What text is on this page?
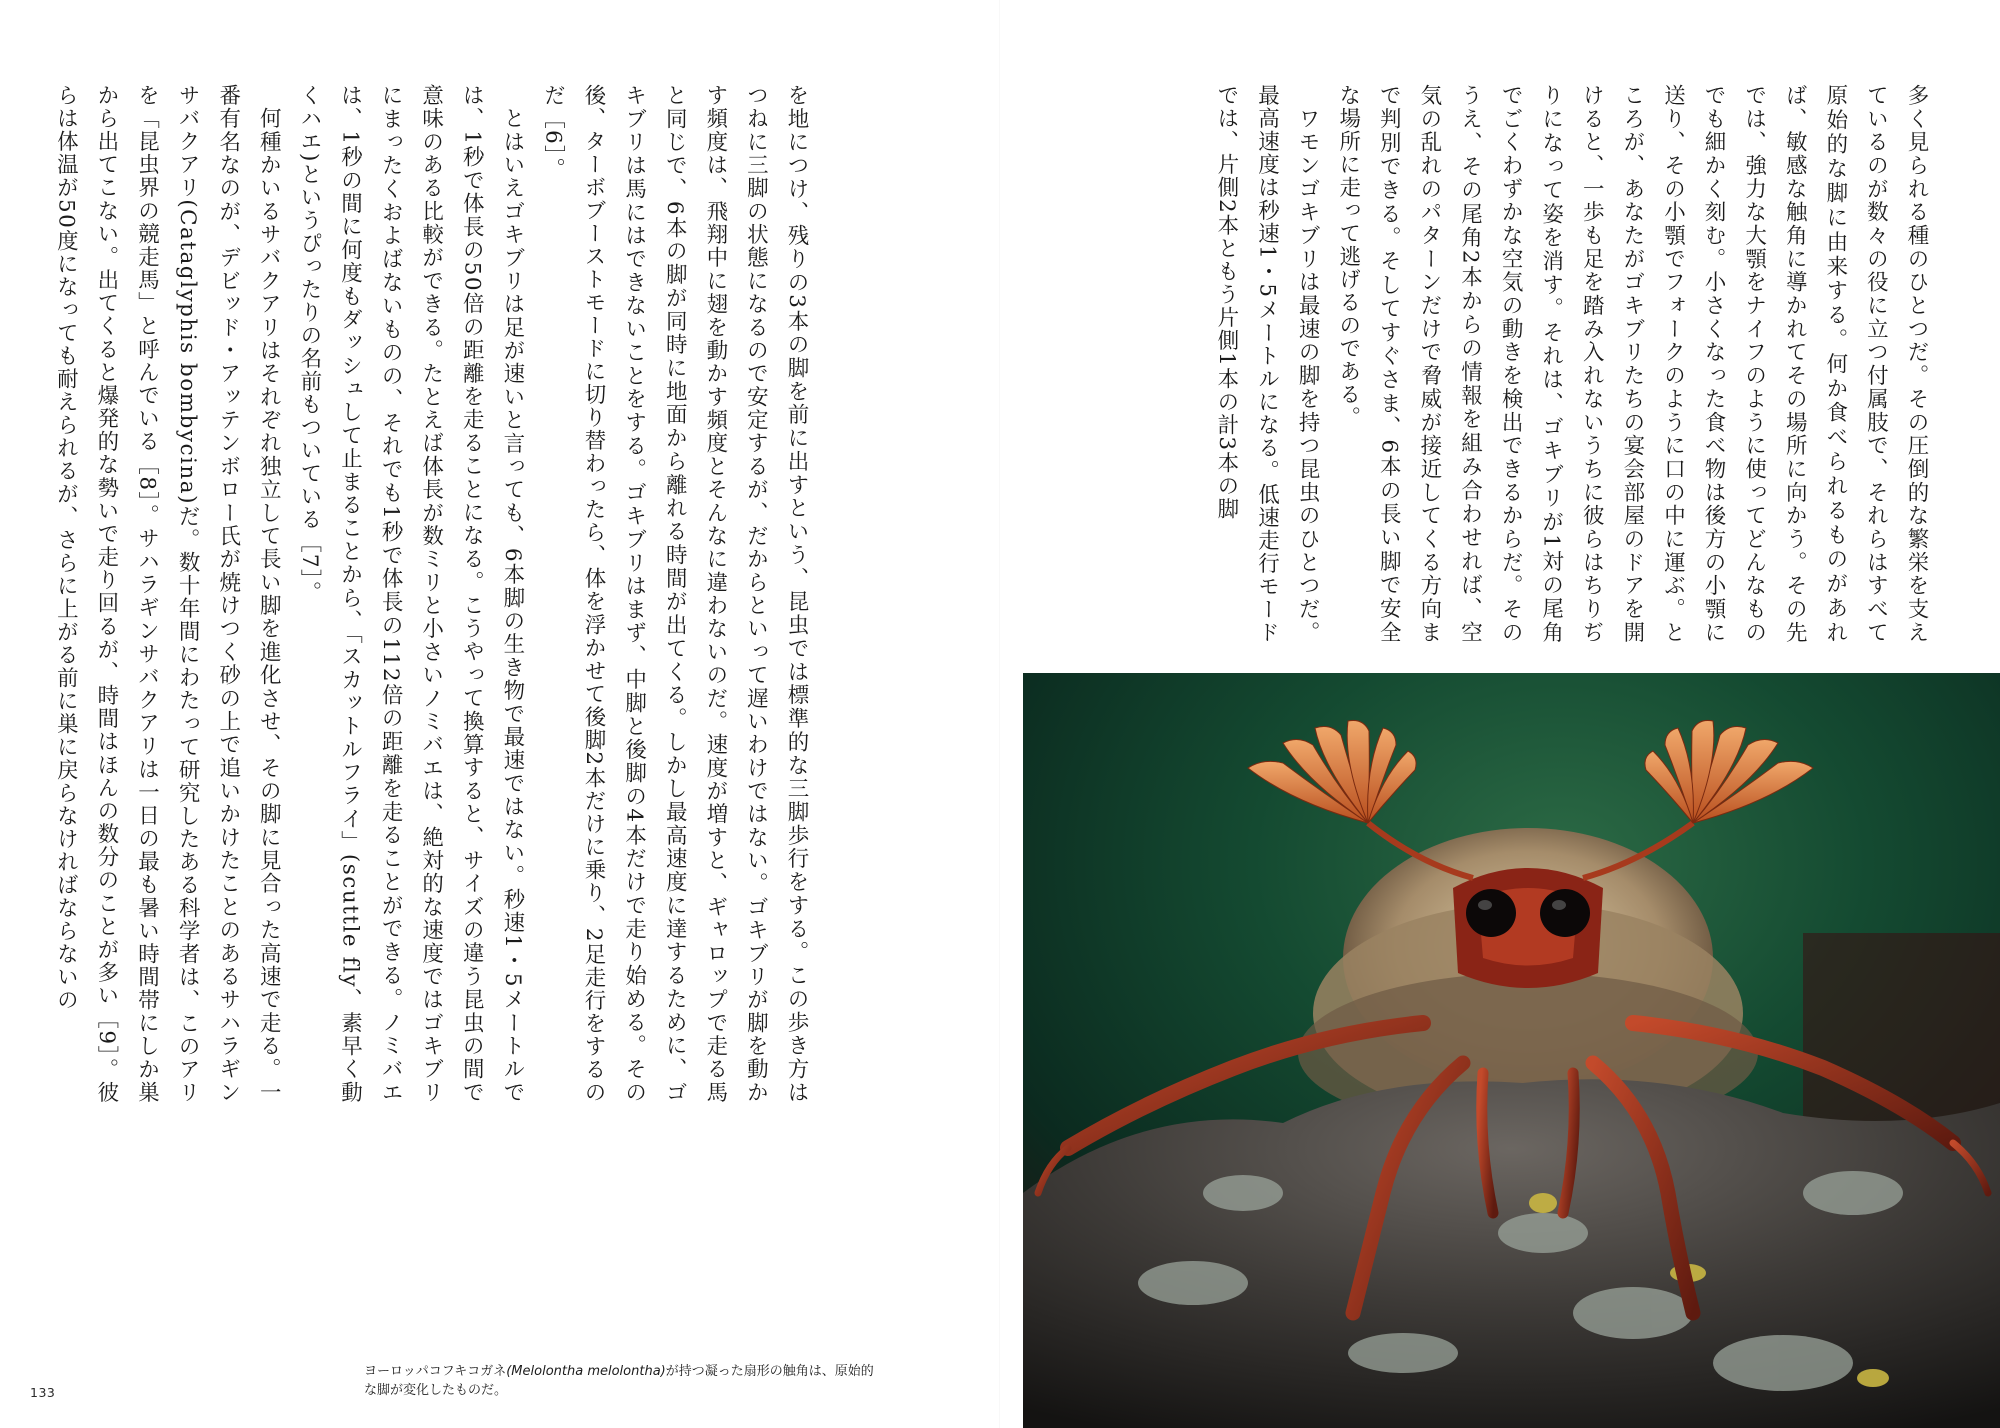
を地につけ、残りの3本の脚を前に出すという、昆虫では標準的な三脚歩行をする。この歩き方はつねに三脚の状態になるので安定するが、だからといって遅いわけではない。ゴキブリが脚を動かす頻度は、飛翔中に翅を動かす頻度とそんなに違わないのだ。速度が増すと、ギャロップで走る馬と同じで、6本の脚が同時に地面から離れる時間が出てくる。しかし最高速度に達するために、ゴキブリは馬にはできないことをする。ゴキブリはまず、中脚と後脚の4本だけで走り始める。その後、ターボブーストモードに切り替わったら、体を浮かせて後脚2本だけに乗り、2足走行をするのだ［6］。
　とはいえゴキブリは足が速いと言っても、6本脚の生き物で最速ではない。秒速1・5メートルでは、1秒で体長の50倍の距離を走ることになる。こうやって換算すると、サイズの違う昆虫の間で意味のある比較ができる。たとえば体長が数ミリと小さいノミバエは、絶対的な速度ではゴキブリにまったくおよばないものの、それでも1秒で体長の112倍の距離を走ることができる。ノミバエは、1秒の間に何度もダッシュして止まることから、「スカットルフライ」(scuttle fly、素早く動くハエ)というぴったりの名前もついている［7］。
　何種かいるサバクアリはそれぞれ独立して長い脚を進化させ、その脚に見合った高速で走る。一番有名なのが、デビッド・アッテンボロー氏が焼けつく砂の上で追いかけたことのあるサハラギンサバクアリ(Cataglyphis bombycina)だ。数十年間にわたって研究したある科学者は、このアリを「昆虫界の競走馬」と呼んでいる［8］。サハラギンサバクアリは一日の最も暑い時間帯にしか巣から出てこない。出てくると爆発的な勢いで走り回るが、時間はほんの数分のことが多い［9］。彼らは体温が50度になっても耐えられるが、さらに上がる前に巣に戻らなければならないの
ヨーロッパコフキコガネ(Melolontha melolontha)が持つ凝った扇形の触角は、原始的な脚が変化したものだ。
133
多く見られる種のひとつだ。その圧倒的な繁栄を支えているのが数々の役に立つ付属肢で、それらはすべて原始的な脚に由来する。何か食べられるものがあれば、敏感な触角に導かれてその場所に向かう。その先では、強力な大顎をナイフのように使ってどんなものでも細かく刻む。小さくなった食べ物は後方の小顎に送り、その小顎でフォークのように口の中に運ぶ。ところが、あなたがゴキブリたちの宴会部屋のドアを開けると、一歩も足を踏み入れないうちに彼らはちりぢりになって姿を消す。それは、ゴキブリが1対の尾角でごくわずかな空気の動きを検出できるからだ。そのうえ、その尾角2本からの情報を組み合わせれば、空気の乱れのパターンだけで脅威が接近してくる方向まで判別できる。そしてすぐさま、6本の長い脚で安全な場所に走って逃げるのである。
　ワモンゴキブリは最速の脚を持つ昆虫のひとつだ。最高速度は秒速1・5メートルになる。低速走行モードでは、片側2本ともう片側1本の計3本の脚
